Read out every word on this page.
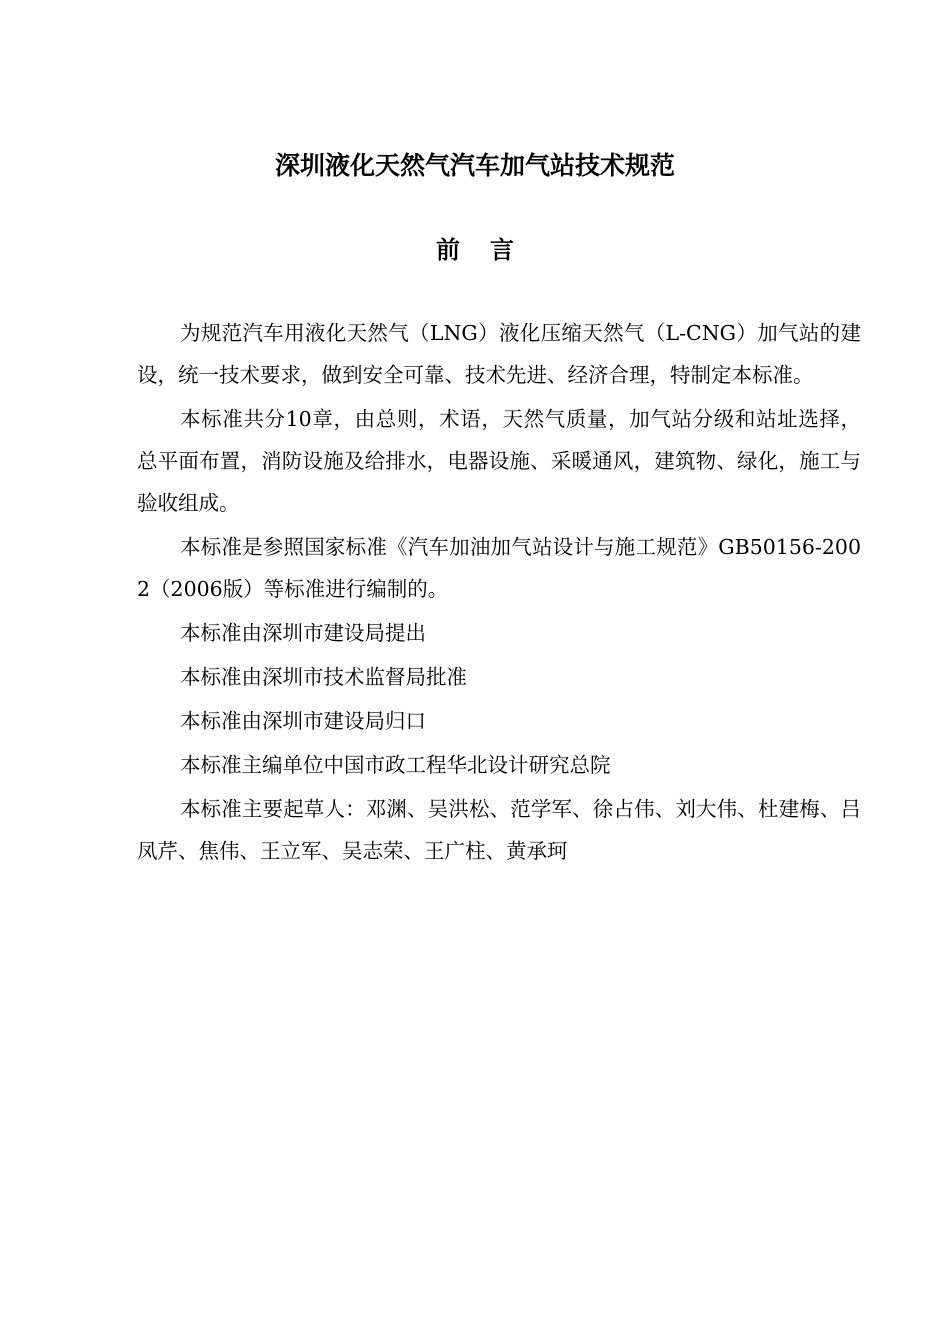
深圳液化天然气汽车加气站技术规范
前言

为规范汽车用液化天然气（LNG）液化压缩天然气（L-CNG）加气站的建设，统一技术要求，做到安全可靠、技术先进、经济合理，特制定本标准。

本标准共分10章，由总则，术语，天然气质量，加气站分级和站址选择，总平面布置，消防设施及给排水，电器设施、采暖通风，建筑物、绿化，施工与验收组成。

本标准是参照国家标准《汽车加油加气站设计与施工规范》GB50156-2002（2006版）等标准进行编制的。

本标准由深圳市建设局提出

本标准由深圳市技术监督局批准

本标准由深圳市建设局归口

本标准主编单位中国市政工程华北设计研究总院

本标准主要起草人：邓渊、吴洪松、范学军、徐占伟、刘大伟、杜建梅、吕凤芹、焦伟、王立军、吴志荣、王广柱、黄承珂
